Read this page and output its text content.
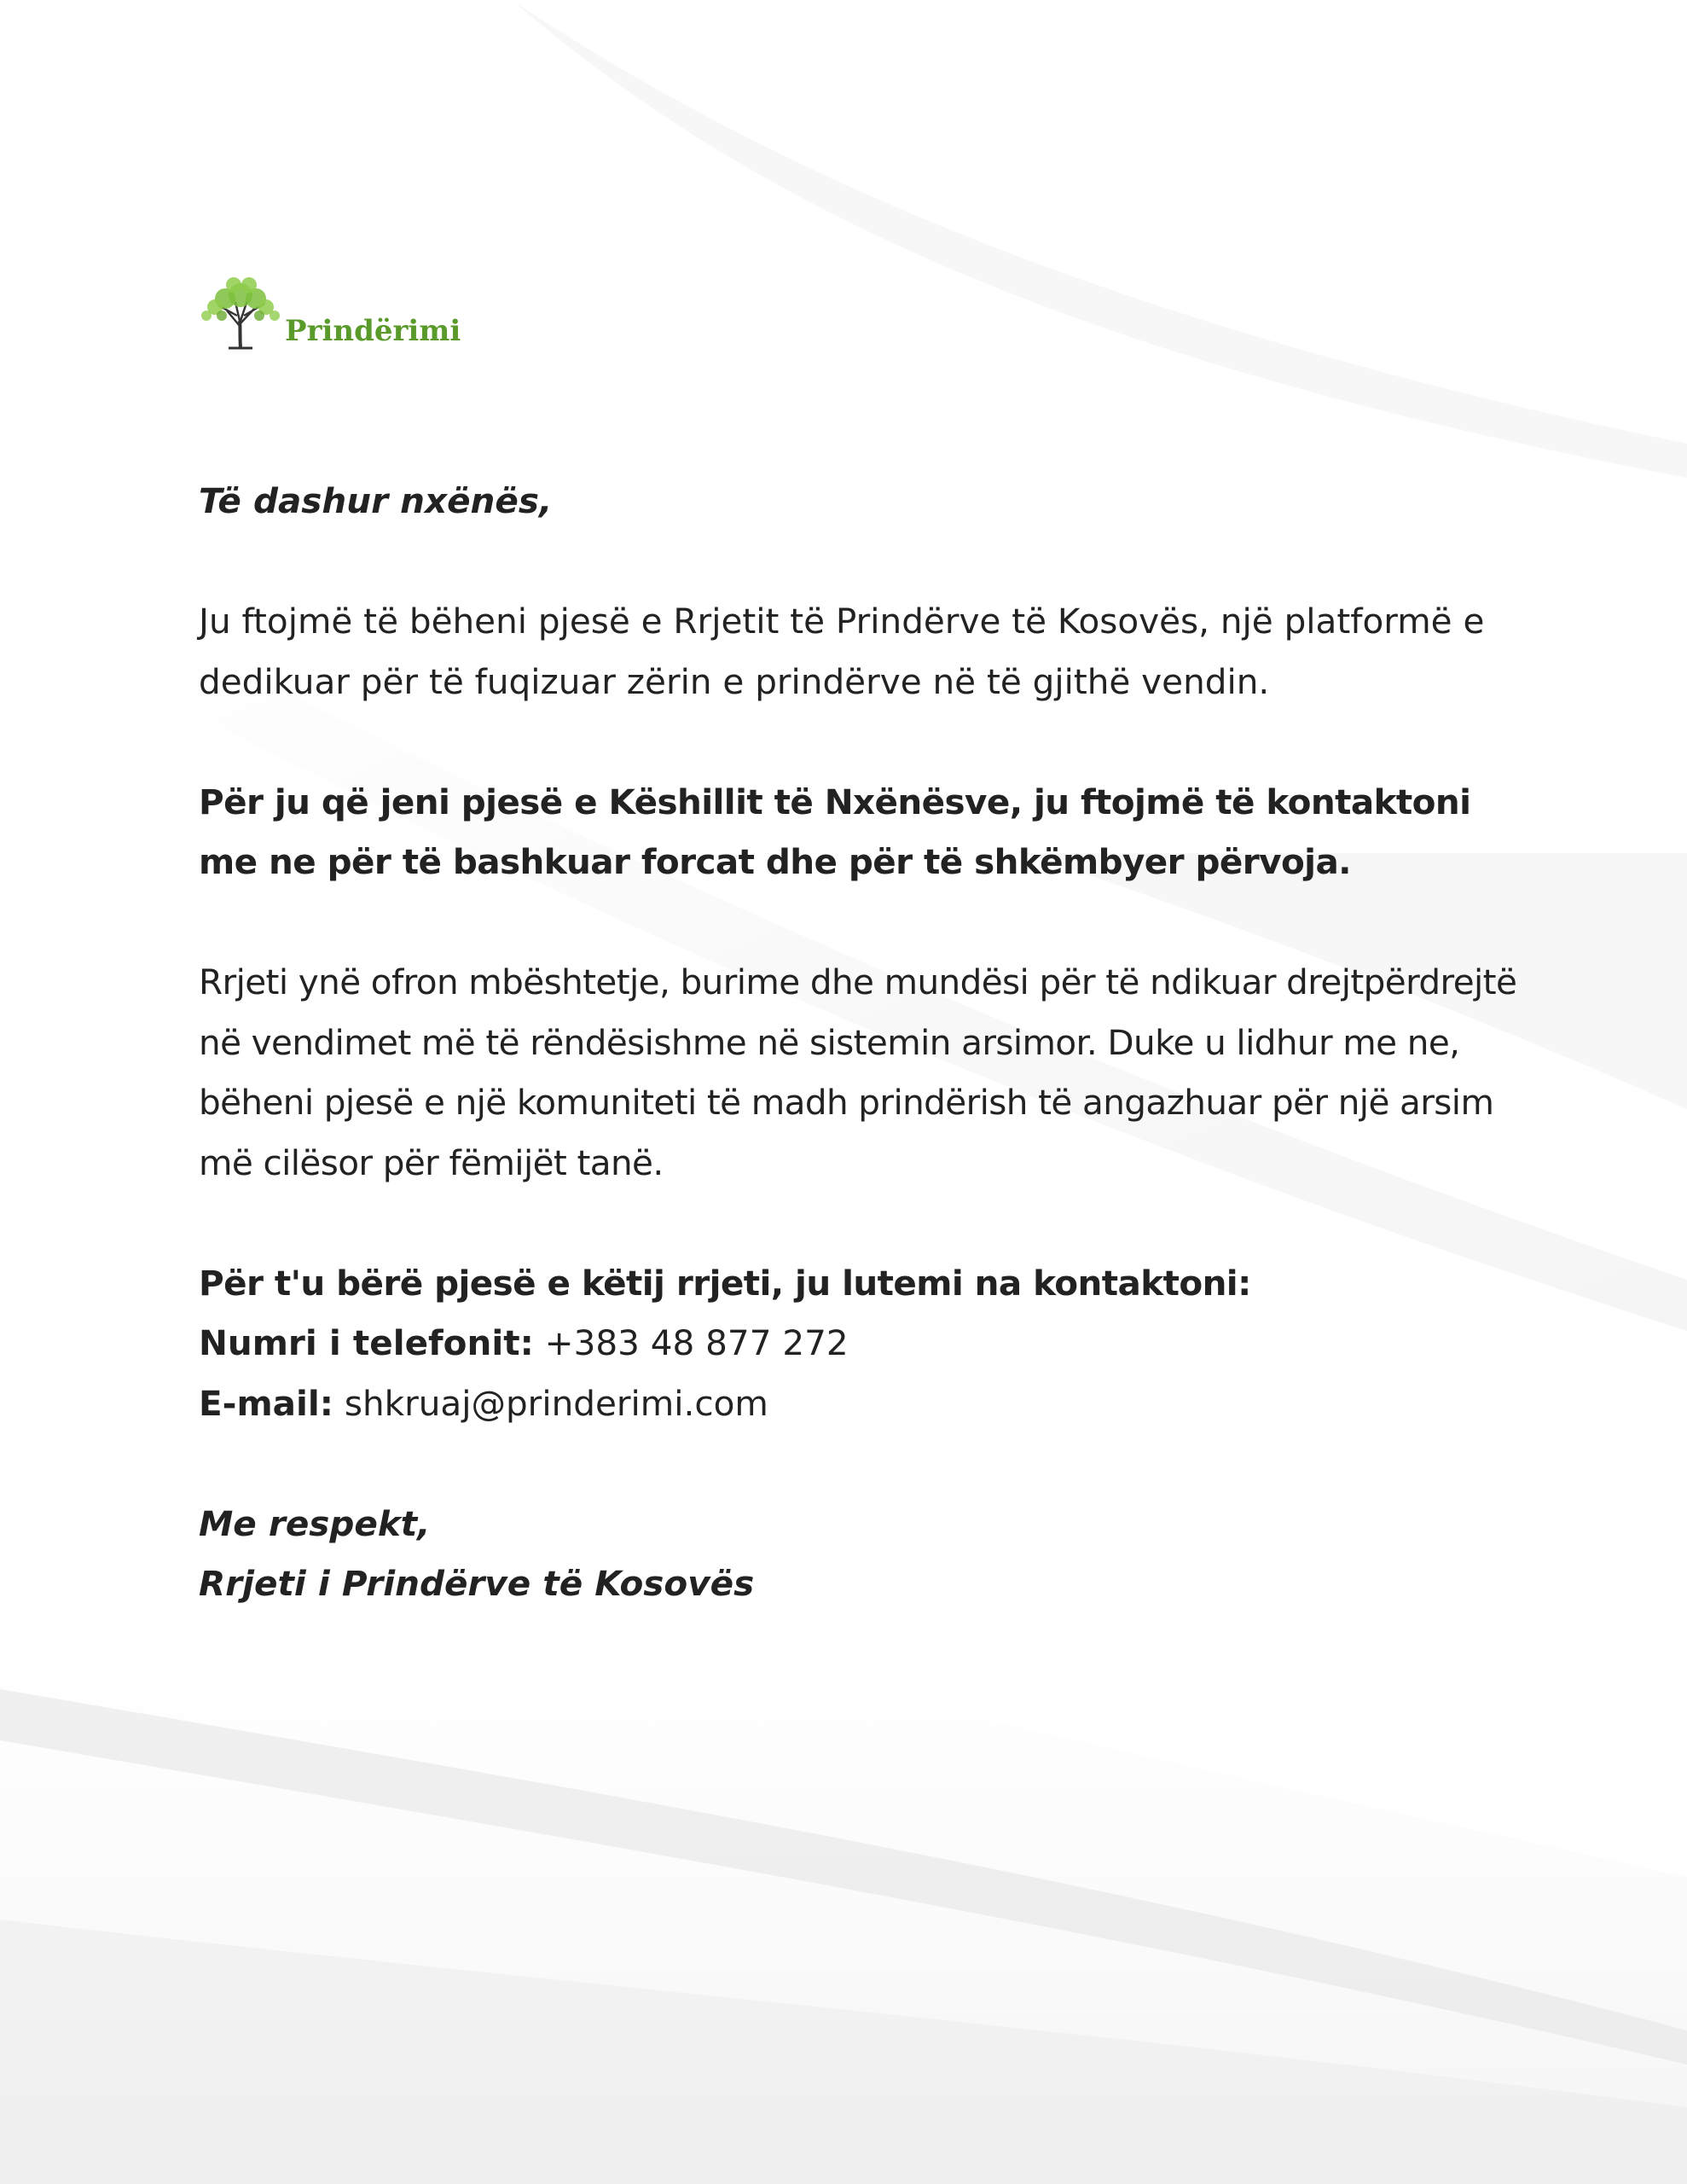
Prindërimi

Të dashur nxënës,

Ju ftojmë të bëheni pjesë e Rrjetit të Prindërve të Kosovës, një platformë e dedikuar për të fuqizuar zërin e prindërve në të gjithë vendin.

Për ju që jeni pjesë e Këshillit të Nxënësve, ju ftojmë të kontaktoni me ne për të bashkuar forcat dhe për të shkëmbyer përvoja.

Rrjeti ynë ofron mbështetje, burime dhe mundësi për të ndikuar drejtpërdrejtë në vendimet më të rëndësishme në sistemin arsimor. Duke u lidhur me ne, bëheni pjesë e një komuniteti të madh prindërish të angazhuar për një arsim më cilësor për fëmijët tanë.

Për t'u bërë pjesë e këtij rrjeti, ju lutemi na kontaktoni:

Numri i telefonit: +383 48 877 272

E-mail: shkruaj@prinderimi.com

Me respekt,

Rrjeti i Prindërve të Kosovës
